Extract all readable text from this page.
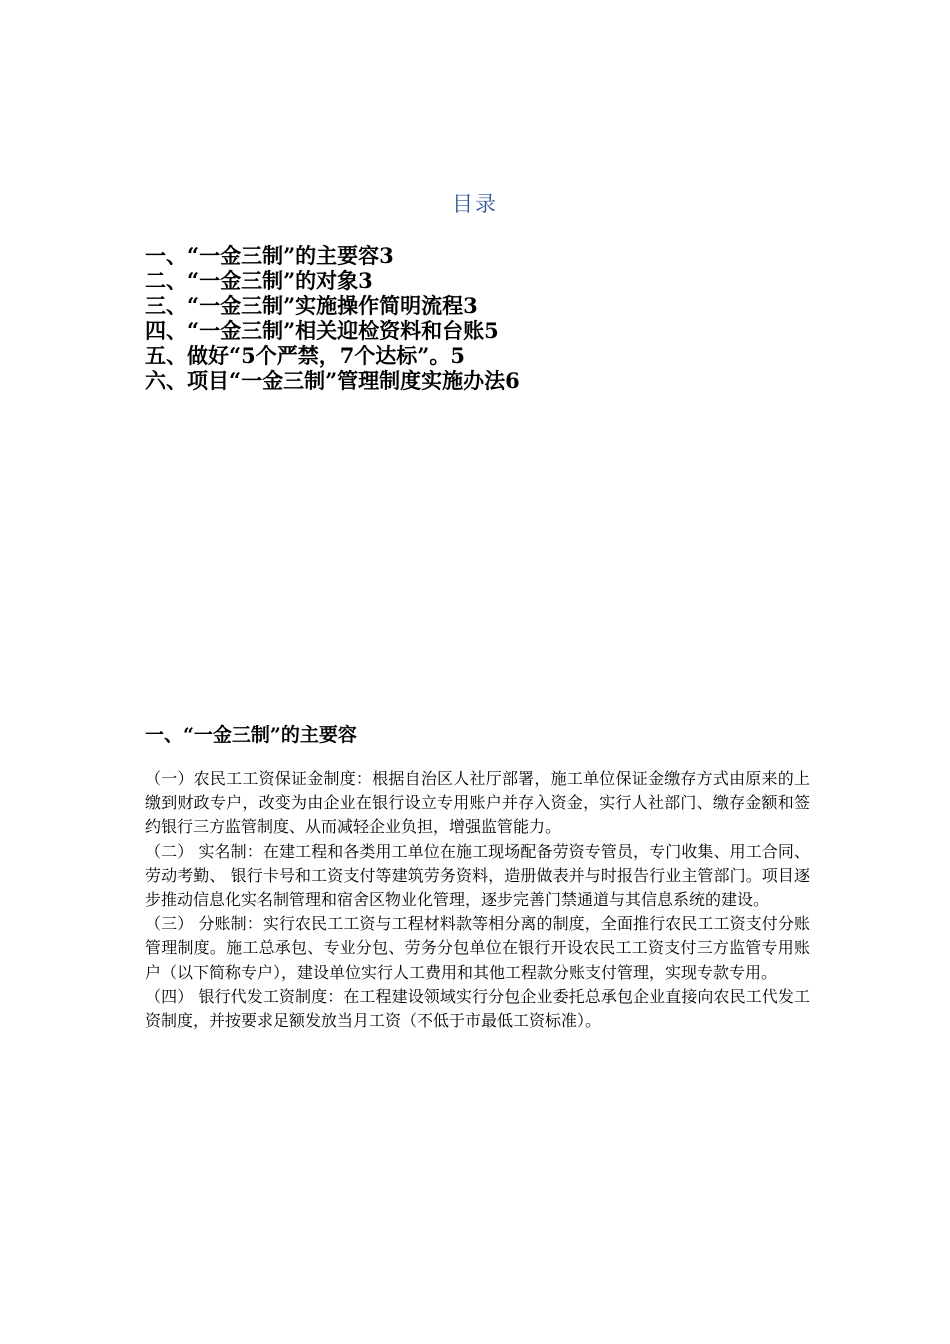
目录
一、“一金三制”的主要容3
二、“一金三制”的对象3
三、“一金三制”实施操作简明流程3
四、“一金三制”相关迎检资料和台账5
五、做好“5个严禁，7个达标”。5
六、项目“一金三制”管理制度实施办法6
一、“一金三制”的主要容

（一）农民工工资保证金制度：根据自治区人社厅部署，施工单位保证金缴存方式由原来的上缴到财政专户，改变为由企业在银行设立专用账户并存入资金，实行人社部门、缴存金额和签约银行三方监管制度、从而减轻企业负担，增强监管能力。

（二） 实名制：在建工程和各类用工单位在施工现场配备劳资专管员，专门收集、用工合同、劳动考勤、 银行卡号和工资支付等建筑劳务资料，造册做表并与时报告行业主管部门。项目逐步推动信息化实名制管理和宿舍区物业化管理，逐步完善门禁通道与其信息系统的建设。

（三） 分账制：实行农民工工资与工程材料款等相分离的制度，全面推行农民工工资支付分账管理制度。施工总承包、专业分包、劳务分包单位在银行开设农民工工资支付三方监管专用账户（以下简称专户），建设单位实行人工费用和其他工程款分账支付管理，实现专款专用。

（四） 银行代发工资制度：在工程建设领域实行分包企业委托总承包企业直接向农民工代发工资制度，并按要求足额发放当月工资（不低于市最低工资标准）。
